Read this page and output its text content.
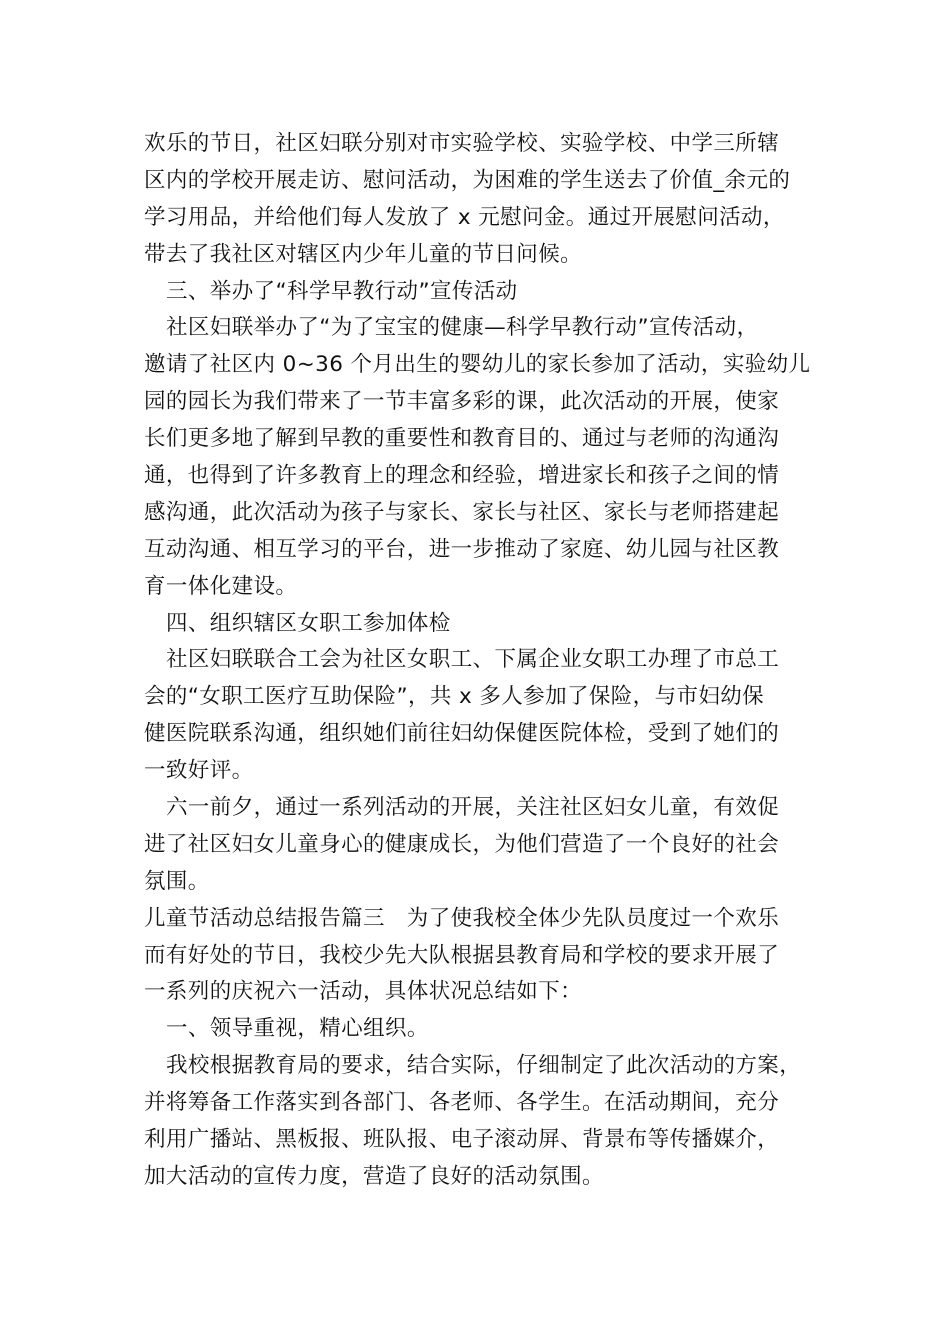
欢乐的节日，社区妇联分别对市实验学校、实验学校、中学三所辖
区内的学校开展走访、慰问活动，为困难的学生送去了价值_余元的
学习用品，并给他们每人发放了 x 元慰问金。通过开展慰问活动，
带去了我社区对辖区内少年儿童的节日问候。
三、举办了“科学早教行动”宣传活动
社区妇联举办了“为了宝宝的健康—科学早教行动”宣传活动，
邀请了社区内 0~36 个月出生的婴幼儿的家长参加了活动，实验幼儿
园的园长为我们带来了一节丰富多彩的课，此次活动的开展，使家
长们更多地了解到早教的重要性和教育目的、通过与老师的沟通沟
通，也得到了许多教育上的理念和经验，增进家长和孩子之间的情
感沟通，此次活动为孩子与家长、家长与社区、家长与老师搭建起
互动沟通、相互学习的平台，进一步推动了家庭、幼儿园与社区教
育一体化建设。
四、组织辖区女职工参加体检
社区妇联联合工会为社区女职工、下属企业女职工办理了市总工
会的“女职工医疗互助保险”，共 x 多人参加了保险，与市妇幼保
健医院联系沟通，组织她们前往妇幼保健医院体检，受到了她们的
一致好评。
六一前夕，通过一系列活动的开展，关注社区妇女儿童，有效促
进了社区妇女儿童身心的健康成长，为他们营造了一个良好的社会
氛围。
儿童节活动总结报告篇三　为了使我校全体少先队员度过一个欢乐
而有好处的节日，我校少先大队根据县教育局和学校的要求开展了
一系列的庆祝六一活动，具体状况总结如下：
一、领导重视，精心组织。
我校根据教育局的要求，结合实际，仔细制定了此次活动的方案，
并将筹备工作落实到各部门、各老师、各学生。在活动期间，充分
利用广播站、黑板报、班队报、电子滚动屏、背景布等传播媒介，
加大活动的宣传力度，营造了良好的活动氛围。
